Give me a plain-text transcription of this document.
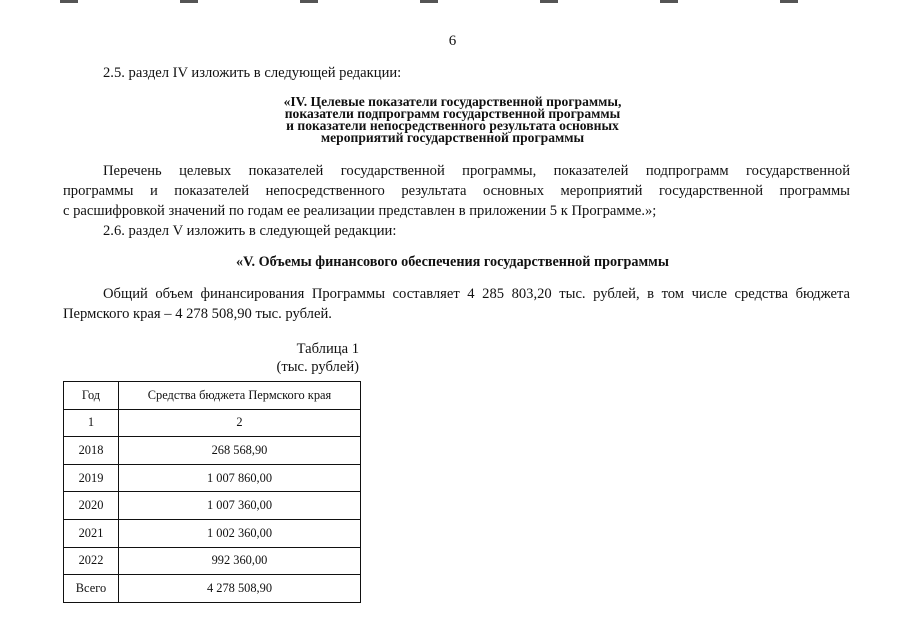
6
2.5. раздел IV изложить в следующей редакции:
«IV. Целевые показатели государственной программы,
показатели подпрограмм государственной программы
и показатели непосредственного результата основных
мероприятий государственной программы
Перечень целевых показателей государственной программы, показателей подпрограмм государственной
программы и показателей непосредственного результата основных мероприятий государственной программы
с расшифровкой значений по годам ее реализации представлен в приложении 5 к Программе.»;
2.6. раздел V изложить в следующей редакции:
«V. Объемы финансового обеспечения государственной программы
Общий объем финансирования Программы составляет 4 285 803,20 тыс. рублей, в том числе средства бюджета
Пермского края – 4 278 508,90 тыс. рублей.
Таблица 1
(тыс. рублей)
Год	Средства бюджета Пермского края
1	2
2018	268 568,90
2019	1 007 860,00
2020	1 007 360,00
2021	1 002 360,00
2022	992 360,00
Всего	4 278 508,90
